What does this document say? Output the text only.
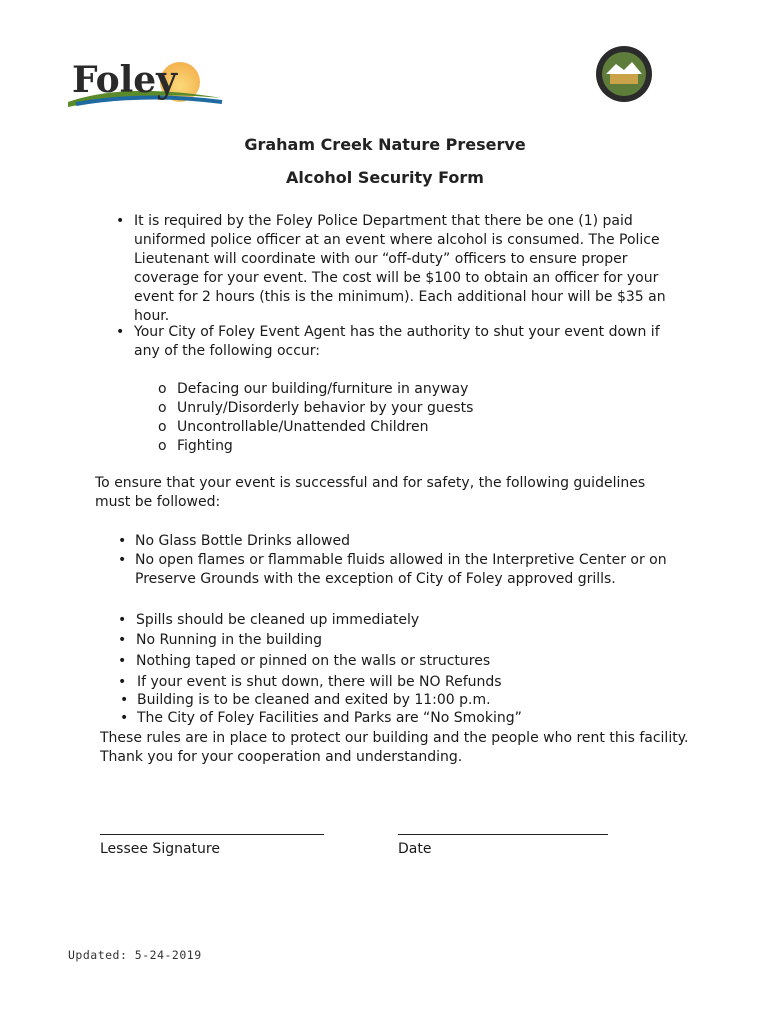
Foley
Graham Creek Nature Preserve
Alcohol Security Form
• It is required by the Foley Police Department that there be one (1) paid uniformed police officer at an event where alcohol is consumed. The Police Lieutenant will coordinate with our “off-duty” officers to ensure proper coverage for your event. The cost will be $100 to obtain an officer for your event for 2 hours (this is the minimum). Each additional hour will be $35 an hour.
• Your City of Foley Event Agent has the authority to shut your event down if any of the following occur:
o Defacing our building/furniture in anyway
o Unruly/Disorderly behavior by your guests
o Uncontrollable/Unattended Children
o Fighting
To ensure that your event is successful and for safety, the following guidelines must be followed:
• No Glass Bottle Drinks allowed
• No open flames or flammable fluids allowed in the Interpretive Center or on Preserve Grounds with the exception of City of Foley approved grills.
• Spills should be cleaned up immediately
• No Running in the building
• Nothing taped or pinned on the walls or structures
• If your event is shut down, there will be NO Refunds
• Building is to be cleaned and exited by 11:00 p.m.
• The City of Foley Facilities and Parks are “No Smoking”
These rules are in place to protect our building and the people who rent this facility. Thank you for your cooperation and understanding.
Lessee Signature	Date
Updated: 5-24-2019
